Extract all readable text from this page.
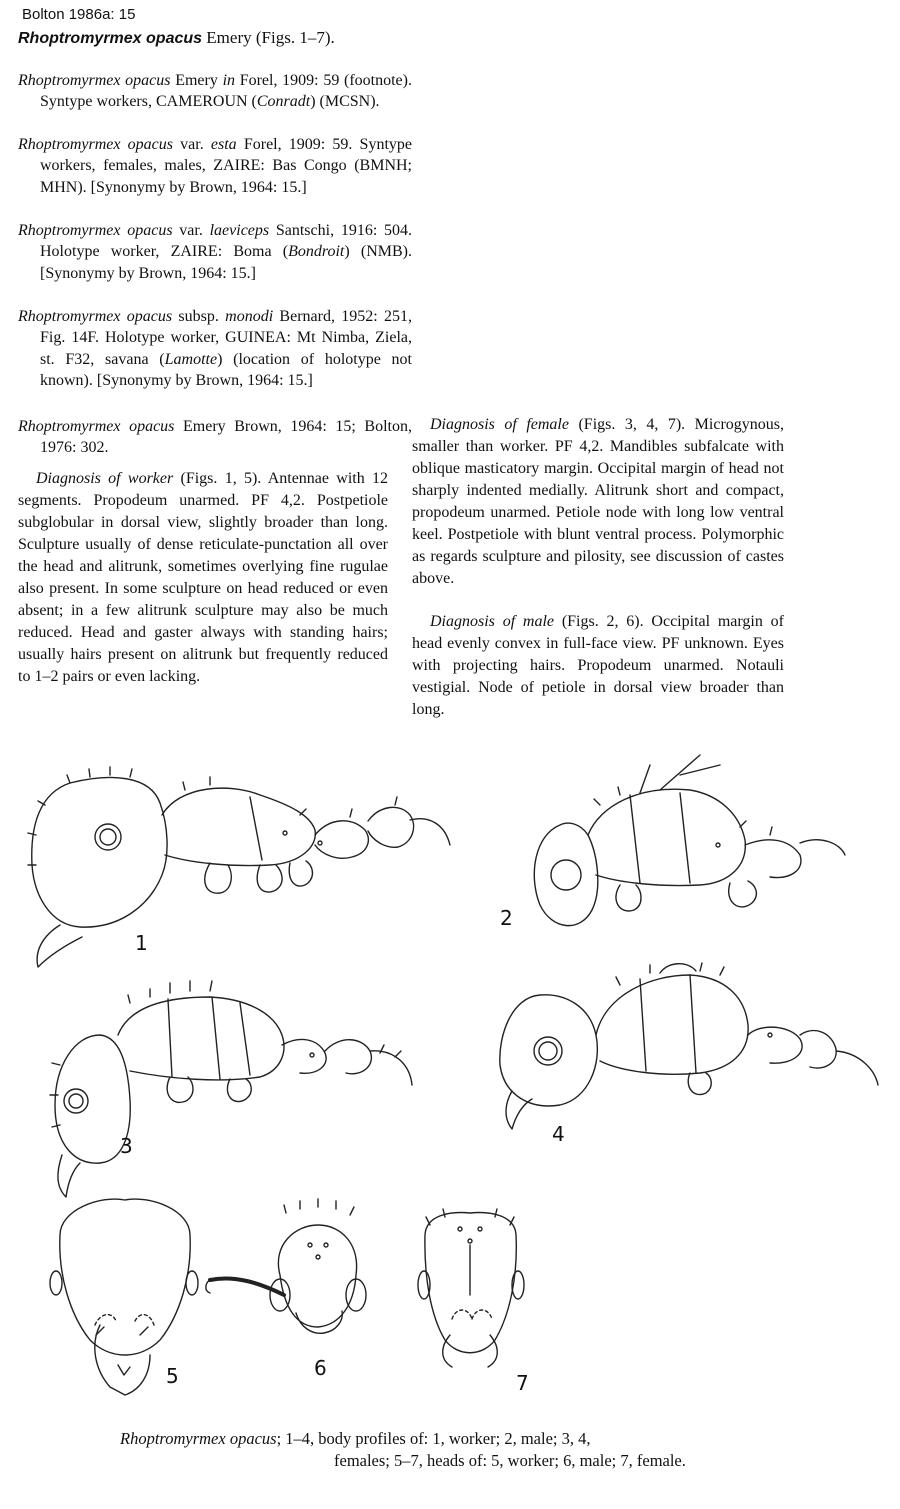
Bolton 1986a: 15
Rhoptromyrmex opacus Emery (Figs. 1–7).

Rhoptromyrmex opacus Emery in Forel, 1909: 59 (footnote). Syntype workers, CAMEROUN (Conradt) (MCSN).

Rhoptromyrmex opacus var. esta Forel, 1909: 59. Syntype workers, females, males, ZAIRE: Bas Congo (BMNH; MHN). [Synonymy by Brown, 1964: 15.]

Rhoptromyrmex opacus var. laeviceps Santschi, 1916: 504. Holotype worker, ZAIRE: Boma (Bondroit) (NMB). [Synonymy by Brown, 1964: 15.]

Rhoptromyrmex opacus subsp. monodi Bernard, 1952: 251, Fig. 14F. Holotype worker, GUINEA: Mt Nimba, Ziela, st. F32, savana (Lamotte) (location of holotype not known). [Synonymy by Brown, 1964: 15.]

Rhoptromyrmex opacus Emery Brown, 1964: 15; Bolton, 1976: 302.

Diagnosis of worker (Figs. 1, 5). Antennae with 12 segments. Propodeum unarmed. PF 4,2. Postpetiole subglobular in dorsal view, slightly broader than long. Sculpture usually of dense reticulate-punctation all over the head and alitrunk, sometimes overlying fine rugulae also present. In some sculpture on head reduced or even absent; in a few alitrunk sculpture may also be much reduced. Head and gaster always with standing hairs; usually hairs present on alitrunk but frequently reduced to 1–2 pairs or even lacking.

Diagnosis of female (Figs. 3, 4, 7). Microgynous, smaller than worker. PF 4,2. Mandibles subfalcate with oblique masticatory margin. Occipital margin of head not sharply indented medially. Alitrunk short and compact, propodeum unarmed. Petiole node with long low ventral keel. Postpetiole with blunt ventral process. Polymorphic as regards sculpture and pilosity, see discussion of castes above.

Diagnosis of male (Figs. 2, 6). Occipital margin of head evenly convex in full-face view. PF unknown. Eyes with projecting hairs. Propodeum unarmed. Notauli vestigial. Node of petiole in dorsal view broader than long.

1
2
3	4
5	6
7

Rhoptromyrmex opacus; 1–4, body profiles of: 1, worker; 2, male; 3, 4,
females; 5–7, heads of: 5, worker; 6, male; 7, female.
